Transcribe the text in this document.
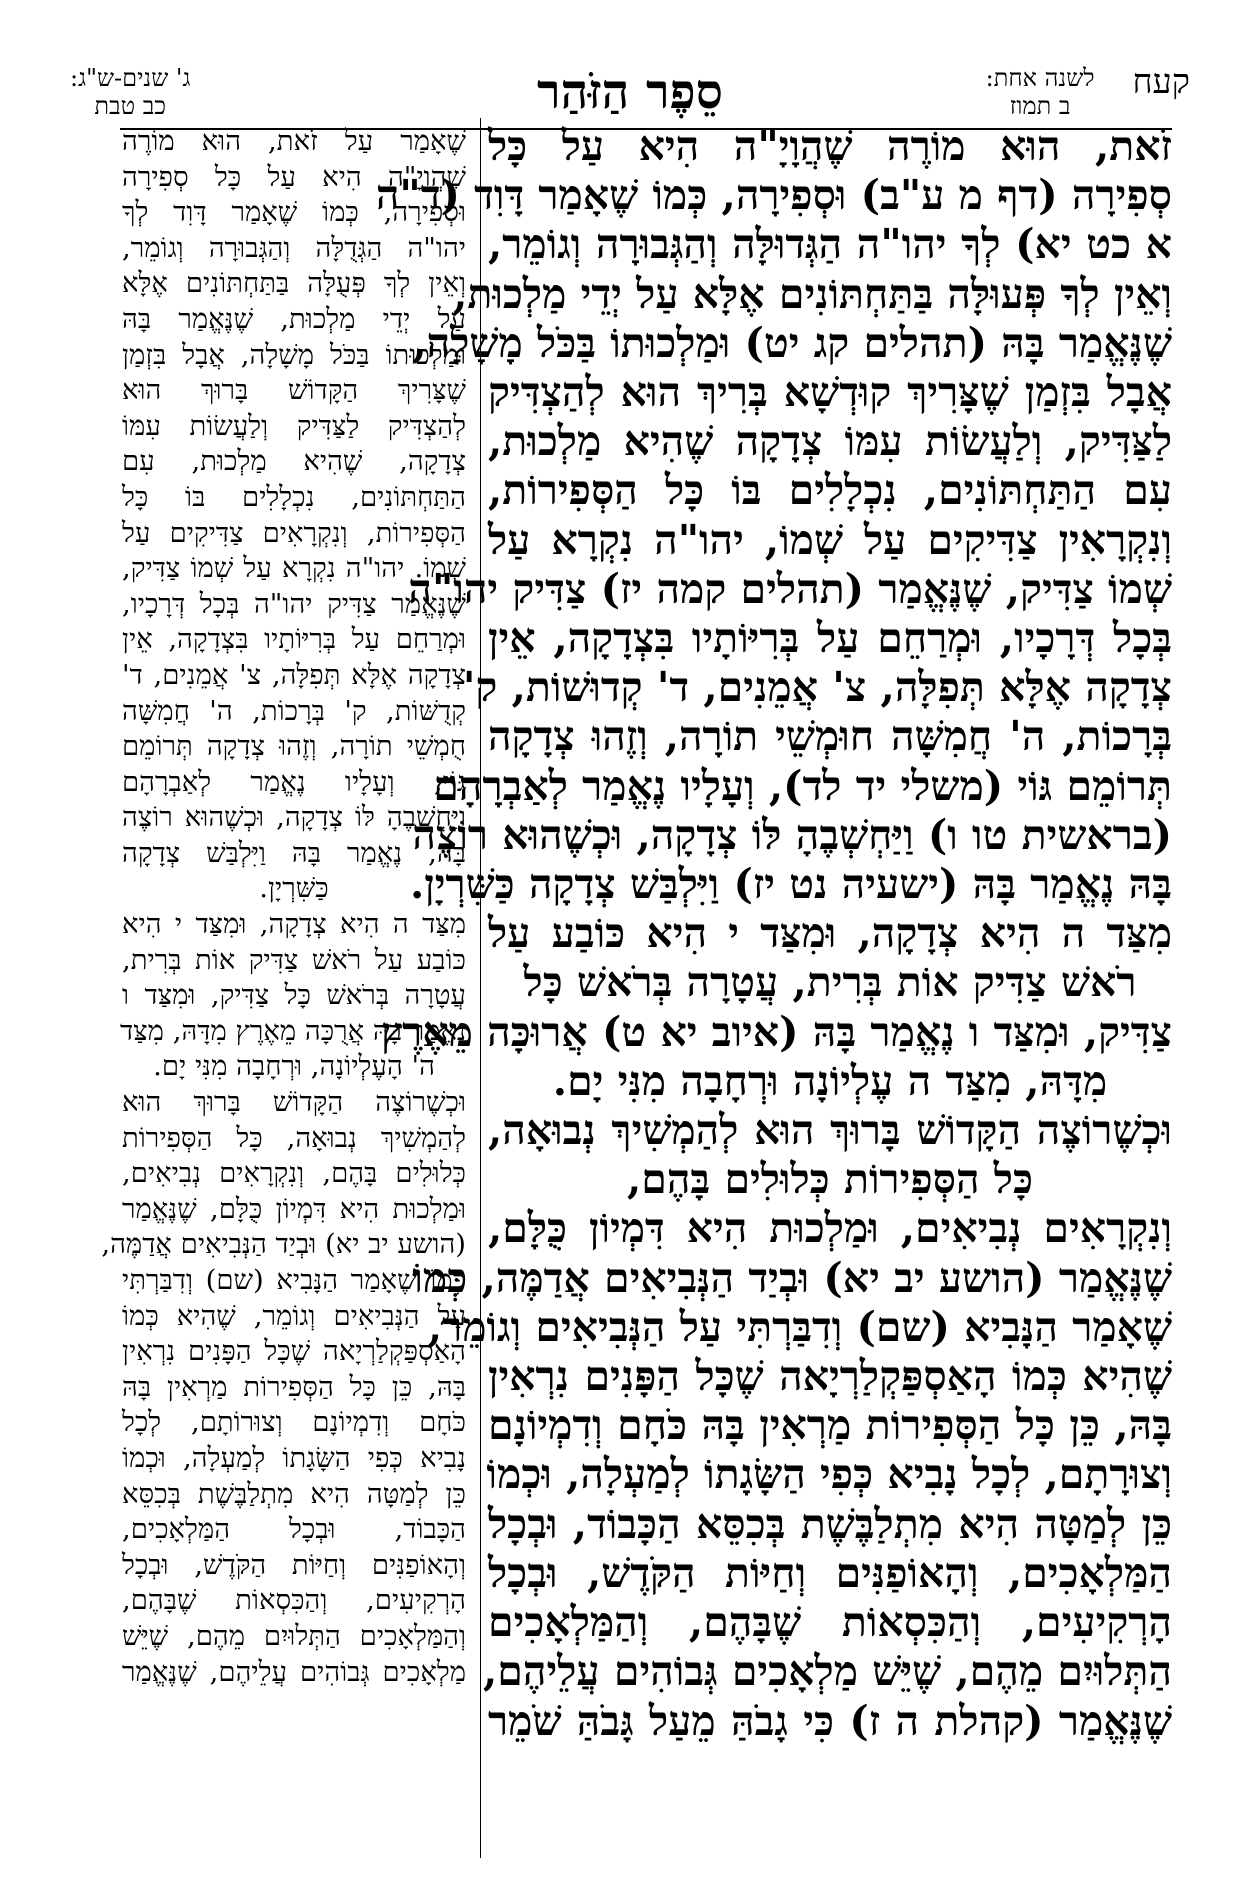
קעח
לשנה אחת:
ב תמוז
סֵפֶר הַזֹּהַר
ג' שנים-ש"ג:
כב טבת
זֹאת, הוּא מוֹרֶה שֶׁהֲוָיָ"ה הִיא עַל כָּל
סְפִירָה (דף מ ע"ב) וּסְפִירָה, כְּמוֹ שֶׁאָמַר דָּוִד (ד"ה
א כט יא) לְךָ יהו"ה הַגְּדוּלָּה וְהַגְּבוּרָה וְגוֹמֵר,
וְאֵין לְךָ פְּעוּלָּה בַּתַּחְתּוֹנִים אֶלָּא עַל יְדֵי מַלְכוּת,
שֶׁנֶּאֱמַר בָּהּ (תהלים קג יט) וּמַלְכוּתוֹ בַּכֹּל מָשָׁלָה,
אֲבָל בִּזְמַן שֶׁצָּרִיךְ קוּדְשָׁא בְּרִיךְ הוּא לְהַצְדִּיק
לַצַּדִּיק, וְלַעֲשׂוֹת עִמּוֹ צְדָקָה שֶׁהִיא מַלְכוּת,
עִם הַתַּחְתּוֹנִים, נִכְלָלִים בּוֹ כָּל הַסְּפִירוֹת,
וְנִקְרָאִין צַדִּיקִים עַל שְׁמוֹ, יהו"ה נִקְרָא עַל
שְׁמוֹ צַדִּיק, שֶׁנֶּאֱמַר (תהלים קמה יז) צַדִּיק יהו"ה
בְּכָל דְּרָכָיו, וּמְרַחֵם עַל בְּרִיּוֹתָיו בִּצְדָקָה, אֵין
צְדָקָה אֶלָּא תְּפִלָּה, צ' אֲמֵנִים, ד' קְדוּשׁוֹת, ק'
בְּרָכוֹת, ה' חֲמִשָּׁה חוּמְשֵׁי תוֹרָה, וְזֶהוּ צְדָקָה
תְּרוֹמֵם גּוֹי (משלי יד לד), וְעָלָיו נֶאֱמַר לְאַבְרָהָם
(בראשית טו ו) וַיַּחְשְׁבֶהָ לּוֹ צְדָקָה, וּכְשֶׁהוּא רוֹצֶה
בָּהּ נֶאֱמַר בָּהּ (ישעיה נט יז) וַיִּלְבַּשׁ צְדָקָה כַּשִּׁרְיָן.
מִצַּד ה הִיא צְדָקָה, וּמִצַּד י הִיא כּוֹבַע עַל
רֹאשׁ צַדִּיק אוֹת בְּרִית, עֲטָרָה בְּרֹאשׁ כָּל
צַדִּיק, וּמִצַּד ו נֶאֱמַר בָּהּ (איוב יא ט) אֲרוּכָּה מֵאֶרֶץ
מִדָּהּ, מִצַּד ה עֶלְיוֹנָה וּרְחָבָה מִנִּי יָם.
וּכְשֶׁרוֹצֶה הַקָּדוֹשׁ בָּרוּךְ הוּא לְהַמְשִׁיךְ נְבוּאָה,
כָּל הַסְּפִירוֹת כְּלוּלִים בָּהֶם,
וְנִקְרָאִים נְבִיאִים, וּמַלְכוּת הִיא דִּמְיוֹן כֻּלָּם,
שֶׁנֶּאֱמַר (הושע יב יא) וּבְיַד הַנְּבִיאִים אֲדַמֶּה, כְּמוֹ
שֶׁאָמַר הַנָּבִיא (שם) וְדִבַּרְתִּי עַל הַנְּבִיאִים וְגוֹמֵר,
שֶׁהִיא כְּמוֹ הָאַסְפַּקְלַרְיָאה שֶׁכָּל הַפָּנִים נִרְאִין
בָּהּ, כֵּן כָּל הַסְּפִירוֹת מַרְאִין בָּהּ כֹּחָם וְדִמְיוֹנָם
וְצוּרָתָם, לְכָל נָבִיא כְּפִי הַשָּׂגָתוֹ לְמַעְלָה, וּכְמוֹ
כֵּן לְמַטָּה הִיא מִתְלַבֶּשֶׁת בְּכִסֵּא הַכָּבוֹד, וּבְכָל
הַמַּלְאָכִים, וְהָאוֹפַנִּים וְחַיּוֹת הַקֹּדֶשׁ, וּבְכָל
הָרְקִיעִים, וְהַכִּסְאוֹת שֶׁבָּהֶם, וְהַמַּלְאָכִים
הַתְּלוּיִם מֵהֶם, שֶׁיֵּשׁ מַלְאָכִים גְּבוֹהִים עֲלֵיהֶם,
שֶׁנֶּאֱמַר (קהלת ה ז) כִּי גָבֹהַּ מֵעַל גָּבֹהַּ שֹׁמֵר
שֶׁאָמַר עַל זֹאת, הוּא מוֹרֶה
שֶׁהֲוָיָ"ה הִיא עַל כָּל סְפִירָה
וּסְפִירָה, כְּמוֹ שֶׁאָמַר דָּוִד לְךָ
יהו"ה הַגְּדֻלָּה וְהַגְּבוּרָה וְגוֹמֵר,
וְאֵין לְךָ פְּעֻלָּה בַּתַּחְתּוֹנִים אֶלָּא
עַל יְדֵי מַלְכוּת, שֶׁנֶּאֱמַר בָּהּ
וּמַלְכוּתוֹ בַּכֹּל מָשָׁלָה, אֲבָל בִּזְמַן
שֶׁצָּרִיךְ הַקָּדוֹשׁ בָּרוּךְ הוּא
לְהַצְדִּיק לַצַּדִּיק וְלַעֲשׂוֹת עִמּוֹ
צְדָקָה, שֶׁהִיא מַלְכוּת, עִם
הַתַּחְתּוֹנִים, נִכְלָלִים בּוֹ כָּל
הַסְּפִירוֹת, וְנִקְרָאִים צַדִּיקִים עַל
שְׁמוֹ. יהו"ה נִקְרָא עַל שְׁמוֹ צַדִּיק,
שֶׁנֶּאֱמַר צַדִּיק יהו"ה בְּכָל דְּרָכָיו,
וּמְרַחֵם עַל בְּרִיּוֹתָיו בִּצְדָקָה, אֵין
צְדָקָה אֶלָּא תְּפִלָּה, צ' אֲמֵנִים, ד'
קְדֻשּׁוֹת, ק' בְּרָכוֹת, ה' חֲמִשָּׁה
חֻמְשֵׁי תוֹרָה, וְזֶהוּ צְדָקָה תְּרוֹמֵם
גּוֹי, וְעָלָיו נֶאֱמַר לְאַבְרָהָם
וַיַּחְשְׁבֶהָ לּוֹ צְדָקָה, וּכְשֶׁהוּא רוֹצֶה
בָּהּ, נֶאֱמַר בָּהּ וַיִּלְבַּשׁ צְדָקָה
כַּשִּׁרְיָן.
מִצַּד ה הִיא צְדָקָה, וּמִצַּד י הִיא
כּוֹבַע עַל רֹאשׁ צַדִּיק אוֹת בְּרִית,
עֲטָרָה בְּרֹאשׁ כָּל צַדִּיק, וּמִצַּד ו
נֶאֱמַר בָּהּ אֲרֻכָּה מֵאֶרֶץ מִדָּהּ, מִצַּד
ה' הָעֶלְיוֹנָה, וּרְחָבָה מִנִּי יָם.
וּכְשֶׁרוֹצֶה הַקָּדוֹשׁ בָּרוּךְ הוּא
לְהַמְשִׁיךְ נְבוּאָה, כָּל הַסְּפִירוֹת
כְּלוּלִים בָּהֶם, וְנִקְרָאִים נְבִיאִים,
וּמַלְכוּת הִיא דִּמְיוֹן כֻּלָּם, שֶׁנֶּאֱמַר
(הושע יב יא) וּבְיַד הַנְּבִיאִים אֲדַמֶּה,
כְּמוֹ שֶׁאָמַר הַנָּבִיא (שם) וְדִבַּרְתִּי
עַל הַנְּבִיאִים וְגוֹמֵר, שֶׁהִיא כְּמוֹ
הָאַסְפַּקְלַרְיָאה שֶׁכָּל הַפָּנִים נִרְאִין
בָּהּ, כֵּן כָּל הַסְּפִירוֹת מַרְאִין בָּהּ
כֹּחָם וְדִמְיוֹנָם וְצוּרוֹתָם, לְכָל
נָבִיא כְּפִי הַשָּׂגָתוֹ לְמַעְלָה, וּכְמוֹ
כֵּן לְמַטָּה הִיא מִתְלַבֶּשֶׁת בְּכִסֵּא
הַכָּבוֹד, וּבְכָל הַמַּלְאָכִים,
וְהָאוֹפַנִּים וְחַיּוֹת הַקֹּדֶשׁ, וּבְכָל
הָרְקִיעִים, וְהַכִּסְאוֹת שֶׁבָּהֶם,
וְהַמַּלְאָכִים הַתְּלוּיִם מֵהֶם, שֶׁיֵּשׁ
מַלְאָכִים גְּבוֹהִים עֲלֵיהֶם, שֶׁנֶּאֱמַר
